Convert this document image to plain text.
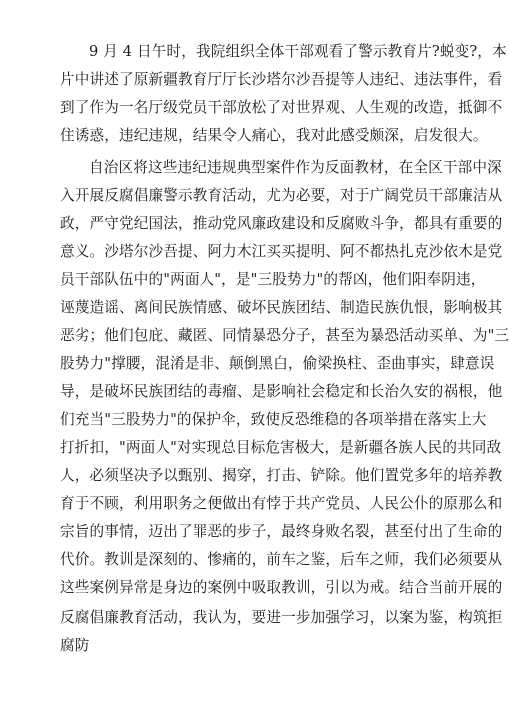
9 月 4 日午时，我院组织全体干部观看了警示教育片?蜕变?，本
片中讲述了原新疆教育厅厅长沙塔尔沙吾提等人违纪、违法事件，看
到了作为一名厅级党员干部放松了对世界观、人生观的改造，抵御不
住诱惑，违纪违规，结果令人痛心，我对此感受颇深，启发很大。
自治区将这些违纪违规典型案件作为反面教材，在全区干部中深
入开展反腐倡廉警示教育活动，尤为必要，对于广阔党员干部廉洁从
政，严守党纪国法，推动党风廉政建设和反腐败斗争，都具有重要的
意义。沙塔尔沙吾提、阿力木江买买提明、阿不都热扎克沙依木是党
员干部队伍中的"两面人"，是"三股势力"的帮凶，他们阳奉阴违，
诬蔑造谣、离间民族情感、破坏民族团结、制造民族仇恨，影响极其
恶劣；他们包庇、藏匿、同情暴恐分子，甚至为暴恐活动买单、为"三
股势力"撑腰，混淆是非、颠倒黑白，偷梁换柱、歪曲事实，肆意误
导，是破坏民族团结的毒瘤、是影响社会稳定和长治久安的祸根，他
们充当"三股势力"的保护伞，致使反恐维稳的各项举措在落实上大
打折扣，"两面人"对实现总目标危害极大，是新疆各族人民的共同敌
人，必须坚决予以甄别、揭穿，打击、铲除。他们置党多年的培养教
育于不顾，利用职务之便做出有悖于共产党员、人民公仆的原那么和
宗旨的事情，迈出了罪恶的步子，最终身败名裂，甚至付出了生命的
代价。教训是深刻的、惨痛的，前车之鉴，后车之师，我们必须要从
这些案例异常是身边的案例中吸取教训，引以为戒。结合当前开展的
反腐倡廉教育活动，我认为，要进一步加强学习，以案为鉴，构筑拒
腐防
